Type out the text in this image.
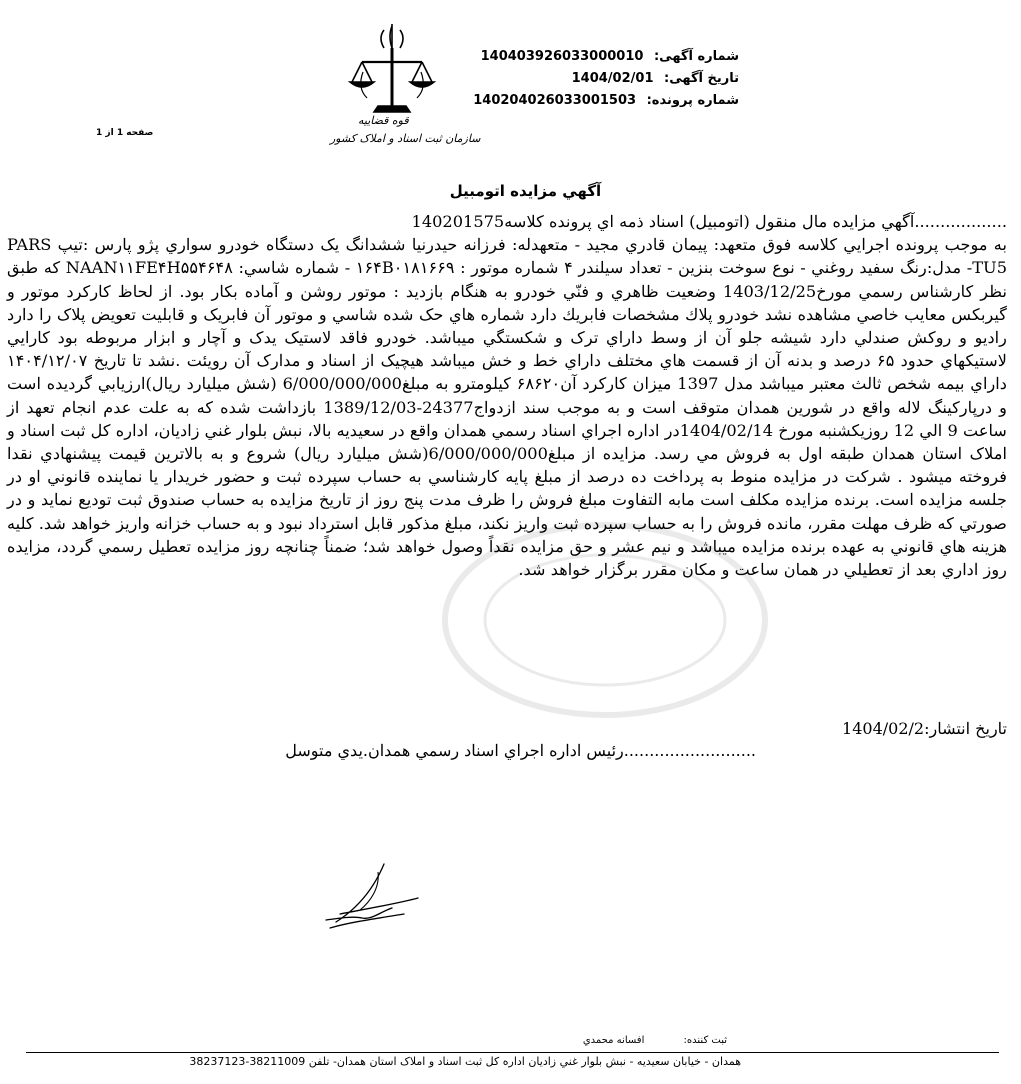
شماره آگهی: 140403926033000010
تاریخ آگهی: 1404/02/01
شماره پرونده: 140204026033001503
صفحه 1 از 1
قوه قضاییه
سازمان ثبت اسناد و املاک کشور
آگهي مزايده اتومبيل

..................آگهي مزايده مال منقول (اتومبيل) اسناد ذمه اي پرونده كلاسه140201575

به موجب پرونده اجرايي كلاسه فوق متعهد: پيمان قادري مجيد - متعهدله: فرزانه حيدرنيا ششدانگ يک دستگاه خودرو سواري پژو پارس :تيپ PARS TU5- مدل:رنگ سفيد روغني - نوع سوخت بنزين - تعداد سيلندر ۴ شماره موتور : ۱۶۴B۰۱۸۱۶۶۹ - شماره شاسي: NAAN۱۱FE۴H۵۵۴۶۴۸ كه طبق نظر كارشناس رسمي مورخ1403/12/25 وضعيت ظاهري و فنّي خودرو به هنگام بازديد : موتور روشن و آماده بكار بود. از لحاظ كاركرد موتور و گيربكس معايب خاصي مشاهده نشد خودرو پلاك مشخصات فابريك دارد شماره هاي حک شده شاسي و موتور آن فابريک و قابليت تعويض پلاک را دارد راديو و روكش صندلي دارد شيشه جلو آن از وسط داراي ترک و شكستگي ميباشد. خودرو فاقد لاستيک يدک و آچار و ابزار مربوطه بود كارايي لاستيکهاي حدود ۶۵ درصد و بدنه آن از قسمت هاي مختلف داراي خط و خش ميباشد هيچيک از اسناد و مدارک آن رويئت .نشد تا تاريخ ۱۴۰۴/۱۲/۰۷ داراي بيمه شخص ثالث معتبر ميباشد مدل 1397 ميزان كاركرد آن۶۸۶۲۰ كيلومترو به مبلغ6/000/000/000 (شش ميليارد ريال)ارزيابي گرديده است و درپاركينگ لاله واقع در شورين همدان متوقف است و به موجب سند ازدواج24377-1389/12/03 بازداشت شده كه به علت عدم انجام تعهد از ساعت 9 الي 12 روزيكشنبه مورخ 1404/02/14در اداره اجراي اسناد رسمي همدان واقع در سعيديه بالا، نبش بلوار غني زاديان، اداره كل ثبت اسناد و املاک استان همدان طبقه اول به فروش مي رسد. مزايده از مبلغ6/000/000/000(شش ميليارد ريال) شروع و به بالاترين قيمت پيشنهادي نقدا فروخته ميشود . شركت در مزايده منوط به پرداخت ده درصد از مبلغ پايه كارشناسي به حساب سپرده ثبت و حضور خريدار يا نماينده قانوني او در جلسه مزايده است. برنده مزايده مكلف است مابه التفاوت مبلغ فروش را ظرف مدت پنج روز از تاريخ مزايده به حساب صندوق ثبت توديع نمايد و در صورتي كه ظرف مهلت مقرر، مانده فروش را به حساب سپرده ثبت واريز نكند، مبلغ مذكور قابل استرداد نبود و به حساب خزانه واريز خواهد شد. كليه هزينه هاي قانوني به عهده برنده مزايده ميباشد و نيم عشر و حق مزايده نقداً وصول خواهد شد؛ ضمناً چنانچه روز مزايده تعطيل رسمي گردد، مزايده روز اداري بعد از تعطيلي در همان ساعت و مكان مقرر برگزار خواهد شد.

تاريخ انتشار:1404/02/2
..........................رئيس اداره اجراي اسناد رسمي همدان.يدي متوسل
ثبت کننده: افسانه محمدي
همدان - خيابان سعيديه - نبش بلوار غني زاديان اداره کل ثبت اسناد و املاک استان همدان- تلفن 38211009-38237123
